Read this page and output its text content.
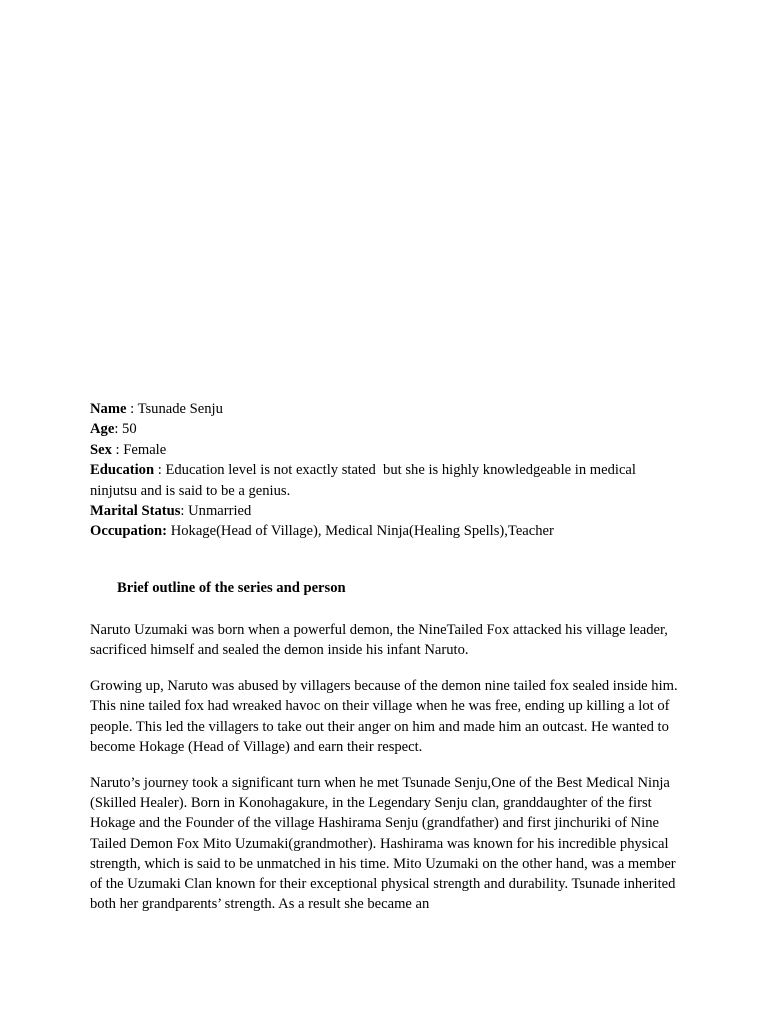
Name : Tsunade Senju

Age: 50

Sex : Female

Education : Education level is not exactly stated  but she is highly knowledgeable in medical ninjutsu and is said to be a genius.

Marital Status: Unmarried

Occupation: Hokage(Head of Village), Medical Ninja(Healing Spells),Teacher

Brief outline of the series and person

Naruto Uzumaki was born when a powerful demon, the NineTailed Fox attacked his village leader, sacrificed himself and sealed the demon inside his infant Naruto.

Growing up, Naruto was abused by villagers because of the demon nine tailed fox sealed inside him. This nine tailed fox had wreaked havoc on their village when he was free, ending up killing a lot of people. This led the villagers to take out their anger on him and made him an outcast. He wanted to become Hokage (Head of Village) and earn their respect.

Naruto’s journey took a significant turn when he met Tsunade Senju,One of the Best Medical Ninja (Skilled Healer). Born in Konohagakure, in the Legendary Senju clan, granddaughter of the first Hokage and the Founder of the village Hashirama Senju (grandfather) and first jinchuriki of Nine Tailed Demon Fox Mito Uzumaki(grandmother). Hashirama was known for his incredible physical strength, which is said to be unmatched in his time. Mito Uzumaki on the other hand, was a member of the Uzumaki Clan known for their exceptional physical strength and durability. Tsunade inherited both her grandparents’ strength. As a result she became an
